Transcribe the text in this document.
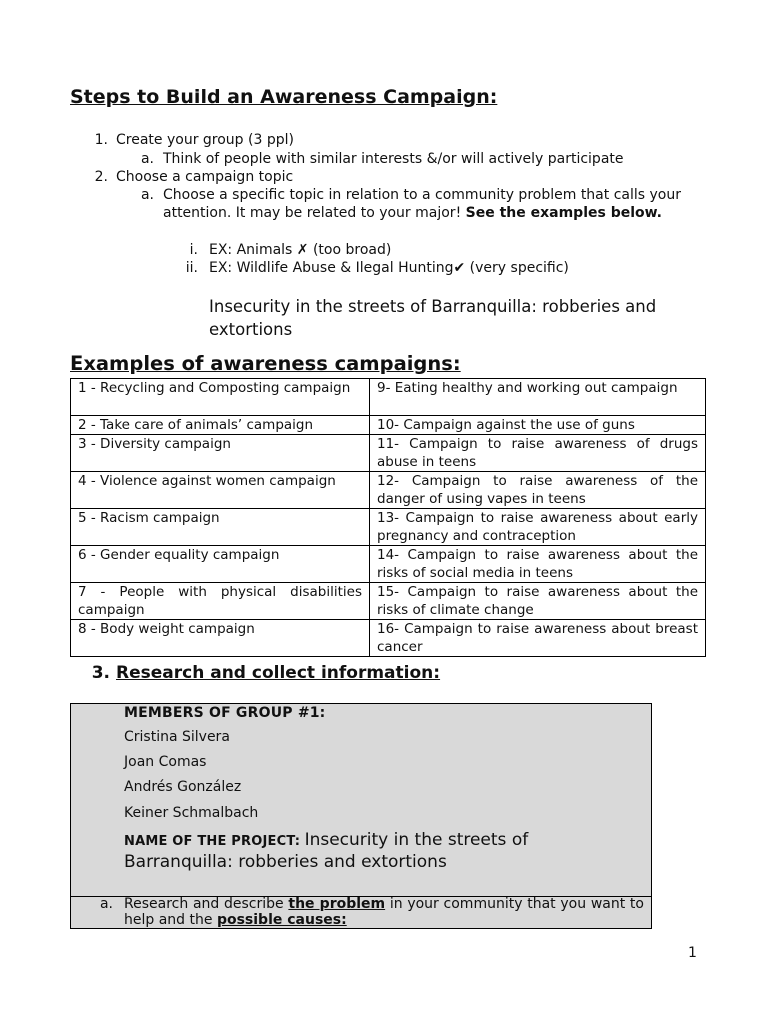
Steps to Build an Awareness Campaign:
1. Create your group (3 ppl)
a. Think of people with similar interests &/or will actively participate
2. Choose a campaign topic
a. Choose a specific topic in relation to a community problem that calls your attention. It may be related to your major! See the examples below.
i. EX: Animals ✗ (too broad)
ii. EX: Wildlife Abuse & Ilegal Hunting✔ (very specific)
Insecurity in the streets of Barranquilla: robberies and extortions
Examples of awareness campaigns:
1 - Recycling and Composting campaign	9- Eating healthy and working out campaign
2 - Take care of animals’ campaign	10- Campaign against the use of guns
3 - Diversity campaign	11- Campaign to raise awareness of drugs abuse in teens
4 - Violence against women campaign	12- Campaign to raise awareness of the danger of using vapes in teens
5 - Racism campaign	13- Campaign to raise awareness about early pregnancy and contraception
6 - Gender equality campaign	14- Campaign to raise awareness about the risks of social media in teens
7 - People with physical disabilities campaign	15- Campaign to raise awareness about the risks of climate change
8 - Body weight campaign	16- Campaign to raise awareness about breast cancer
3. Research and collect information:
MEMBERS OF GROUP #1:
Cristina Silvera
Joan Comas
Andrés González
Keiner Schmalbach
NAME OF THE PROJECT: Insecurity in the streets of Barranquilla: robberies and extortions
a. Research and describe the problem in your community that you want to help and the possible causes:
1
